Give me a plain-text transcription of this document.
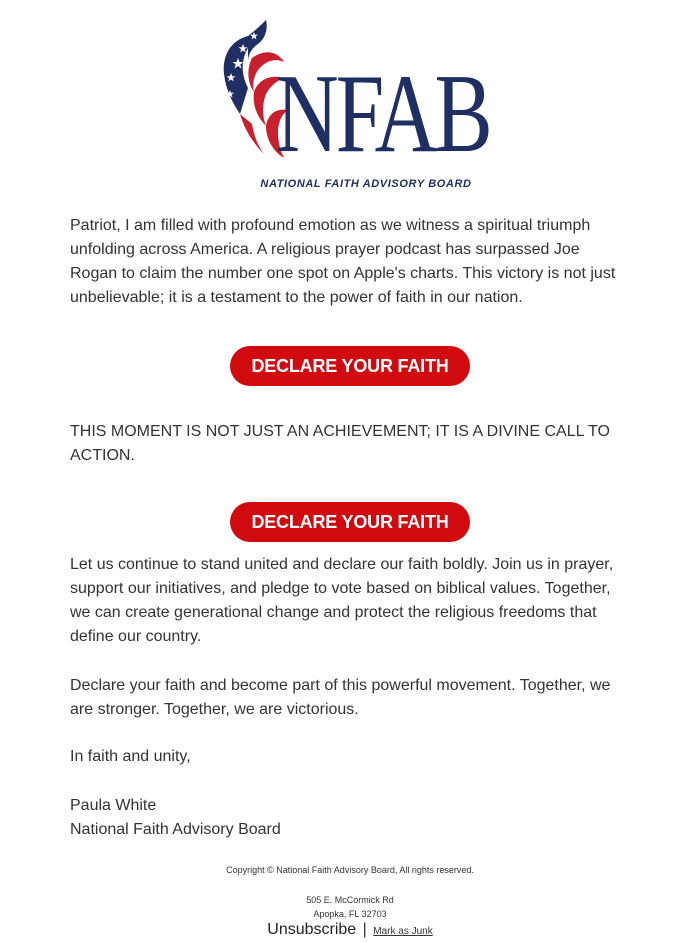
NFAB
NATIONAL FAITH ADVISORY BOARD

Patriot, I am filled with profound emotion as we witness a spiritual triumph unfolding across America. A religious prayer podcast has surpassed Joe Rogan to claim the number one spot on Apple's charts. This victory is not just unbelievable; it is a testament to the power of faith in our nation.

DECLARE YOUR FAITH

THIS MOMENT IS NOT JUST AN ACHIEVEMENT; IT IS A DIVINE CALL TO ACTION.

DECLARE YOUR FAITH

Let us continue to stand united and declare our faith boldly. Join us in prayer, support our initiatives, and pledge to vote based on biblical values. Together, we can create generational change and protect the religious freedoms that define our country.

Declare your faith and become part of this powerful movement. Together, we are stronger. Together, we are victorious.

In faith and unity,

Paula White

National Faith Advisory Board

Copyright © National Faith Advisory Board, All rights reserved.
505 E. McCormick Rd
Apopka, FL 32703
Unsubscribe | Mark as Junk
